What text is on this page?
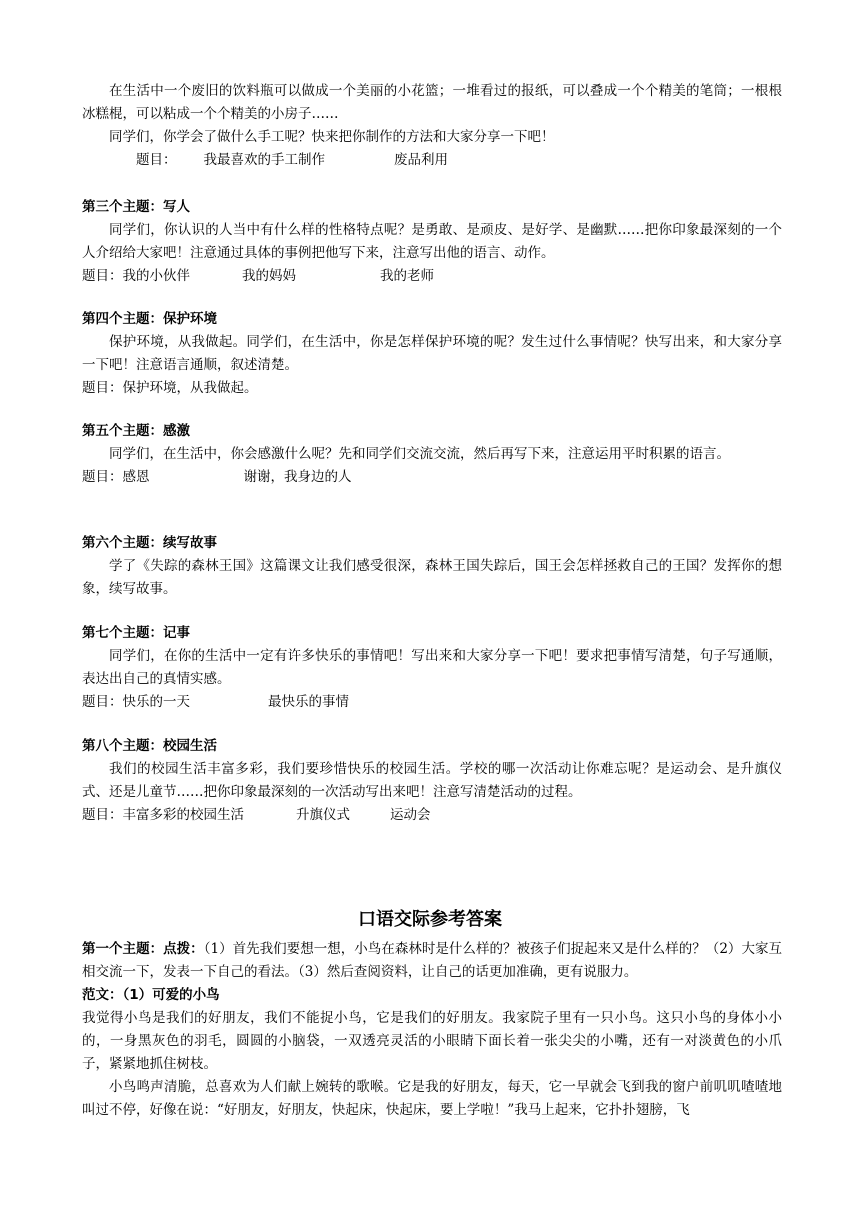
在生活中一个废旧的饮料瓶可以做成一个美丽的小花篮；一堆看过的报纸，可以叠成一个个精美的笔筒；一根根冰糕棍，可以粘成一个个精美的小房子……

同学们，你学会了做什么手工呢？快来把你制作的方法和大家分享一下吧！

题目： 我最喜欢的手工制作	废品利用

第三个主题：写人

同学们，你认识的人当中有什么样的性格特点呢？是勇敢、是顽皮、是好学、是幽默……把你印象最深刻的一个人介绍给大家吧！注意通过具体的事例把他写下来，注意写出他的语言、动作。

题目：我的小伙伴	我的妈妈	我的老师

第四个主题：保护环境

保护环境，从我做起。同学们，在生活中，你是怎样保护环境的呢？发生过什么事情呢？快写出来，和大家分享一下吧！注意语言通顺，叙述清楚。

题目：保护环境，从我做起。

第五个主题：感激

同学们，在生活中，你会感激什么呢？先和同学们交流交流，然后再写下来，注意运用平时积累的语言。

题目：感恩	谢谢，我身边的人

第六个主题：续写故事

学了《失踪的森林王国》这篇课文让我们感受很深，森林王国失踪后，国王会怎样拯救自己的王国？发挥你的想象，续写故事。

第七个主题：记事

同学们，在你的生活中一定有许多快乐的事情吧！写出来和大家分享一下吧！要求把事情写清楚，句子写通顺，表达出自己的真情实感。

题目：快乐的一天	最快乐的事情

第八个主题：校园生活

我们的校园生活丰富多彩，我们要珍惜快乐的校园生活。学校的哪一次活动让你难忘呢？是运动会、是升旗仪式、还是儿童节……把你印象最深刻的一次活动写出来吧！注意写清楚活动的过程。

题目：丰富多彩的校园生活	升旗仪式	运动会

口语交际参考答案

第一个主题：点拨：（1）首先我们要想一想，小鸟在森林时是什么样的？被孩子们捉起来又是什么样的？（2）大家互相交流一下，发表一下自己的看法。（3）然后查阅资料，让自己的话更加准确，更有说服力。

范文：（1）可爱的小鸟

我觉得小鸟是我们的好朋友，我们不能捉小鸟，它是我们的好朋友。我家院子里有一只小鸟。这只小鸟的身体小小的，一身黑灰色的羽毛，圆圆的小脑袋，一双透亮灵活的小眼睛下面长着一张尖尖的小嘴，还有一对淡黄色的小爪子，紧紧地抓住树枝。

小鸟鸣声清脆，总喜欢为人们献上婉转的歌喉。它是我的好朋友，每天，它一早就会飞到我的窗户前叽叽喳喳地叫过不停，好像在说：“好朋友，好朋友，快起床，快起床，要上学啦！”我马上起来，它扑扑翅膀，飞
